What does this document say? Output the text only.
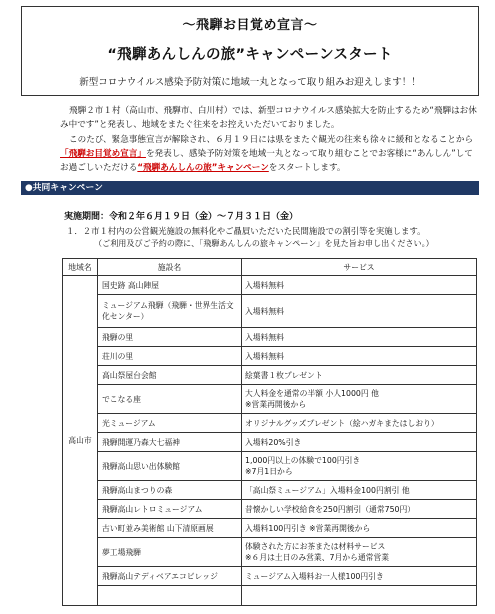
～飛騨お目覚め宣言～
“飛騨あんしんの旅”キャンペーンスタート
新型コロナウイルス感染予防対策に地域一丸となって取り組みお迎えします！！

飛騨２市１村（高山市、飛騨市、白川村）では、新型コロナウイルス感染拡大を防止するため“飛騨はお休み中です”と発表し、地域をまたぐ往来をお控えいただいておりました。

このたび、緊急事態宣言が解除され、６月１９日には県をまたぐ観光の往来も徐々に緩和となることから「飛騨お目覚め宣言」を発表し、感染予防対策を地域一丸となって取り組むことでお客様に“あんしん”してお過ごしいただける“飛騨あんしんの旅”キャンペーンをスタートします。

●共同キャンペーン
実施期間：令和２年６月１９日（金）～７月３１日（金）
１．２市１村内の公営観光施設の無料化やご贔屓いただいた民間施設での割引等を実施します。
（ご利用及びご予約の際に、「飛騨あんしんの旅キャンペーン」を見た旨お申し出ください。）
地域名	施設名	サービス
高山市	国史跡 高山陣屋	入場料無料

	ミュージアム飛騨（飛騨・世界生活文化センター）	入場料無料

	飛騨の里	入場料無料

	荘川の里	入場料無料

	高山祭屋台会館	絵葉書１枚プレゼント

	でこなる座	大人料金を通常の半額 小人1000円 他
※営業再開後から

	光ミュージアム	オリジナルグッズプレゼント（絵ハガキまたはしおり）

	飛騨開運乃森大七福神	入場料20%引き

	飛騨高山思い出体験館	1,000円以上の体験で100円引き
※7月1日から

	飛騨高山まつりの森	「高山祭ミュージアム」入場料金100円割引 他

	飛騨高山レトロミュージアム	昔懐かしい学校給食を250円割引（通常750円）

	古い町並み美術館 山下清原画展	入場料100円引き ※営業再開後から

	夢工場飛騨	体験された方にお茶または材料サービス
※６月は土日のみ営業、7月から通常営業

	飛騨高山テディベアエコビレッジ	ミュージアム入場料お一人様100円引き
